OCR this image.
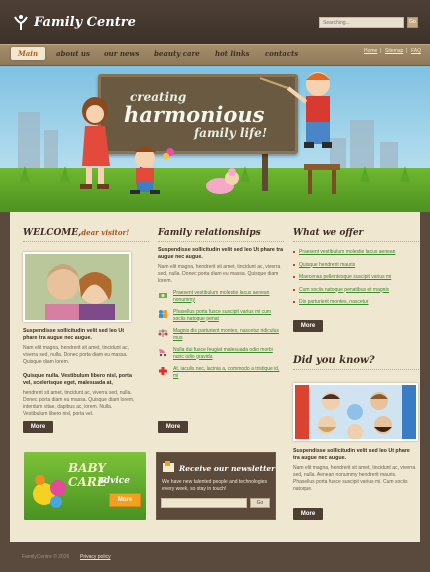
Family Centre
Searching...	Go
Main	about us our news beauty care hot links contacts	Home | Sitemap | FAQ
creating
harmonious
family life!
WELCOME,dear visitor!

Suspendisse sollicitudin velit sed leo Ut phare tra augue nec augue.

Nam elit magna, hendrerit sit amet, tincidunt ac, viverra sed, nulla. Donec porta diam eu massa. Quisque diam lorem.

Quisque nulla. Vestibulum libero nisl, porta vel, scelerisque eget, malesuada at,

hendrerit sit amet, tincidunt ac, viverra sed, nulla. Donec porta diam eu massa. Quisque diam lorem, interdum vitae, dapibus ac, lorem. Nulla. Vestibulum libero nisl, porta vel.

More
Family relationships

Suspendisse sollicitudin velit sed leo Ut phare tra augue nec augue.

Nam elit magna, hendrerit sit amet, tincidunt ac, viverra sed, nulla. Donec porta diam eu massa. Quisque diam lorem.

Praesent vestibulum molestie lacus aenean nonummy
Phasellus porta fusce suscipit varius mi cum sociis natoque penat
Magnis dis parturient montes, nascetur ridiculus mus
Nulla dui fusce feugiat malesuada odio morbi nunc odio gravida
At, iaculis nec, lacinia a, commodo a tristique id, mi
More
What we offer
Praesent vestibulum molestie lacus aenean
Quisque hendrerit mauris
Maecenas pellentesque suscipit varius mi
Cum sociis natoque penatibus et magnis
Dis parturient montes, nascetur
More
Did you know?

Suspendisse sollicitudin velit sed leo Ut phare tra augue nec augue.

Nam elit magna, hendrerit sit amet, tincidunt ac, viverra sed, nulla. Aenean nonummy hendrerit mauris. Phasellus porta fusce suscipit varius mi. Cum sociis natoque.

More
BABY CARE
advice
More
Receive our newsletter

We have new talented people and technologies every week, so stay in touch!

Go
FamilyCentre © 2026 Privacy policy
